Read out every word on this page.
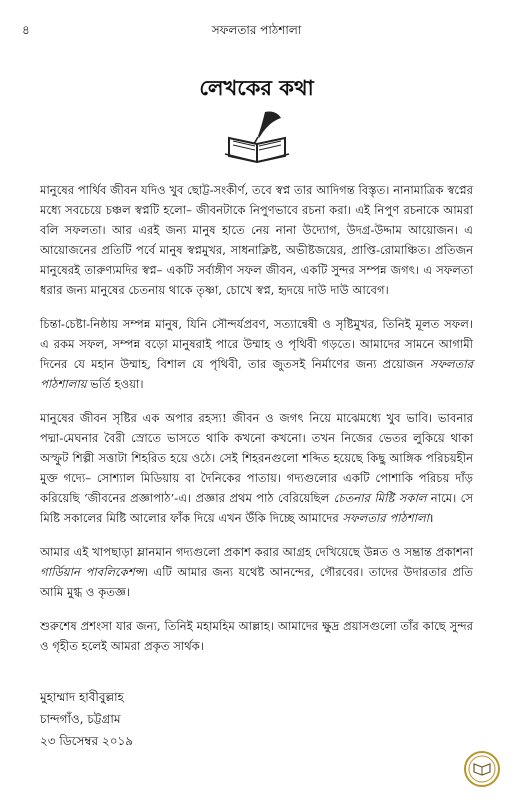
৪	সফলতার পাঠশালা
লেখকের কথা

মানুষের পার্থিব জীবন যদিও খুব ছোট্ট-সংকীর্ণ, তবে স্বপ্ন তার আদিগন্ত বিস্তৃত। নানামাত্রিক স্বপ্নের মধ্যে সবচেয়ে চঞ্চল স্বপ্নটি হলো– জীবনটাকে নিপুণভাবে রচনা করা। এই নিপুণ রচনাকে আমরা বলি সফলতা। আর এরই জন্য মানুষ হাতে নেয় নানা উদ্যোগ, উদগ্র-উদ্দাম আয়োজন। এ আয়োজনের প্রতিটি পর্বে মানুষ স্বপ্নমুখর, সাধনাক্লিষ্ট, অভীষ্টজয়ের, প্রাপ্তি-রোমাঞ্চিত। প্রতিজন মানুষেরই তারুণ্যমদির স্বপ্ন– একটি সর্বাঙ্গীণ সফল জীবন, একটি সুন্দর সম্পন্ন জগৎ। এ সফলতা ধরার জন্য মানুষের চেতনায় থাকে তৃষ্ণা, চোখে স্বপ্ন, হৃদয়ে দাউ দাউ আবেগ।

চিন্তা-চেষ্টা-নিষ্ঠায় সম্পন্ন মানুষ, যিনি সৌন্দর্যপ্রবণ, সত্যান্বেষী ও সৃষ্টিমুখর, তিনিই মূলত সফল। এ রকম সফল, সম্পন্ন বড়ো মানুষরাই পারে উম্মাহ ও পৃথিবী গড়তে। আমাদের সামনে আগামী দিনের যে মহান উম্মাহ, বিশাল যে পৃথিবী, তার জুতসই নির্মাণের জন্য প্রয়োজন সফলতার পাঠশালায় ভর্তি হওয়া।

মানুষের জীবন সৃষ্টির এক অপার রহস্য! জীবন ও জগৎ নিয়ে মাঝেমধ্যে খুব ভাবি। ভাবনার পদ্মা-মেঘনার বৈরী স্রোতে ভাসতে থাকি কখনো কখনো। তখন নিজের ভেতর লুকিয়ে থাকা অস্ফুট শিল্পী সত্তাটা শিহরিত হয়ে ওঠে। সেই শিহরনগুলো শব্দিত হয়েছে কিছু আঙ্গিক পরিচয়হীন মুক্ত গদ্যে– সোশ্যাল মিডিয়ায় বা দৈনিকের পাতায়। গদ্যগুলোর একটি পোশাকি পরিচয় দাঁড় করিয়েছি ‘জীবনের প্রজ্ঞাপাঠ’-এ। প্রজ্ঞার প্রথম পাঠ বেরিয়েছিল চেতনার মিষ্টি সকাল নামে। সে মিষ্টি সকালের মিষ্টি আলোর ফাঁক দিয়ে এখন উঁকি দিচ্ছে আমাদের সফলতার পাঠশালা।

আমার এই খাপছাড়া ম্লানমান গদ্যগুলো প্রকাশ করার আগ্রহ দেখিয়েছে উন্নত ও সম্ভ্রান্ত প্রকাশনা গার্ডিয়ান পাবলিকেশন্স। এটি আমার জন্য যথেষ্ট আনন্দের, গৌরবের। তাদের উদারতার প্রতি আমি মুগ্ধ ও কৃতজ্ঞ।

শুরুশেষ প্রশংসা যার জন্য, তিনিই মহামহিম আল্লাহ। আমাদের ক্ষুদ্র প্রয়াসগুলো তাঁর কাছে সুন্দর ও গৃহীত হলেই আমরা প্রকৃত সার্থক।

মুহাম্মাদ হাবীবুল্লাহ
চান্দগাঁও, চট্টগ্রাম
২৩ ডিসেম্বর ২০১৯
